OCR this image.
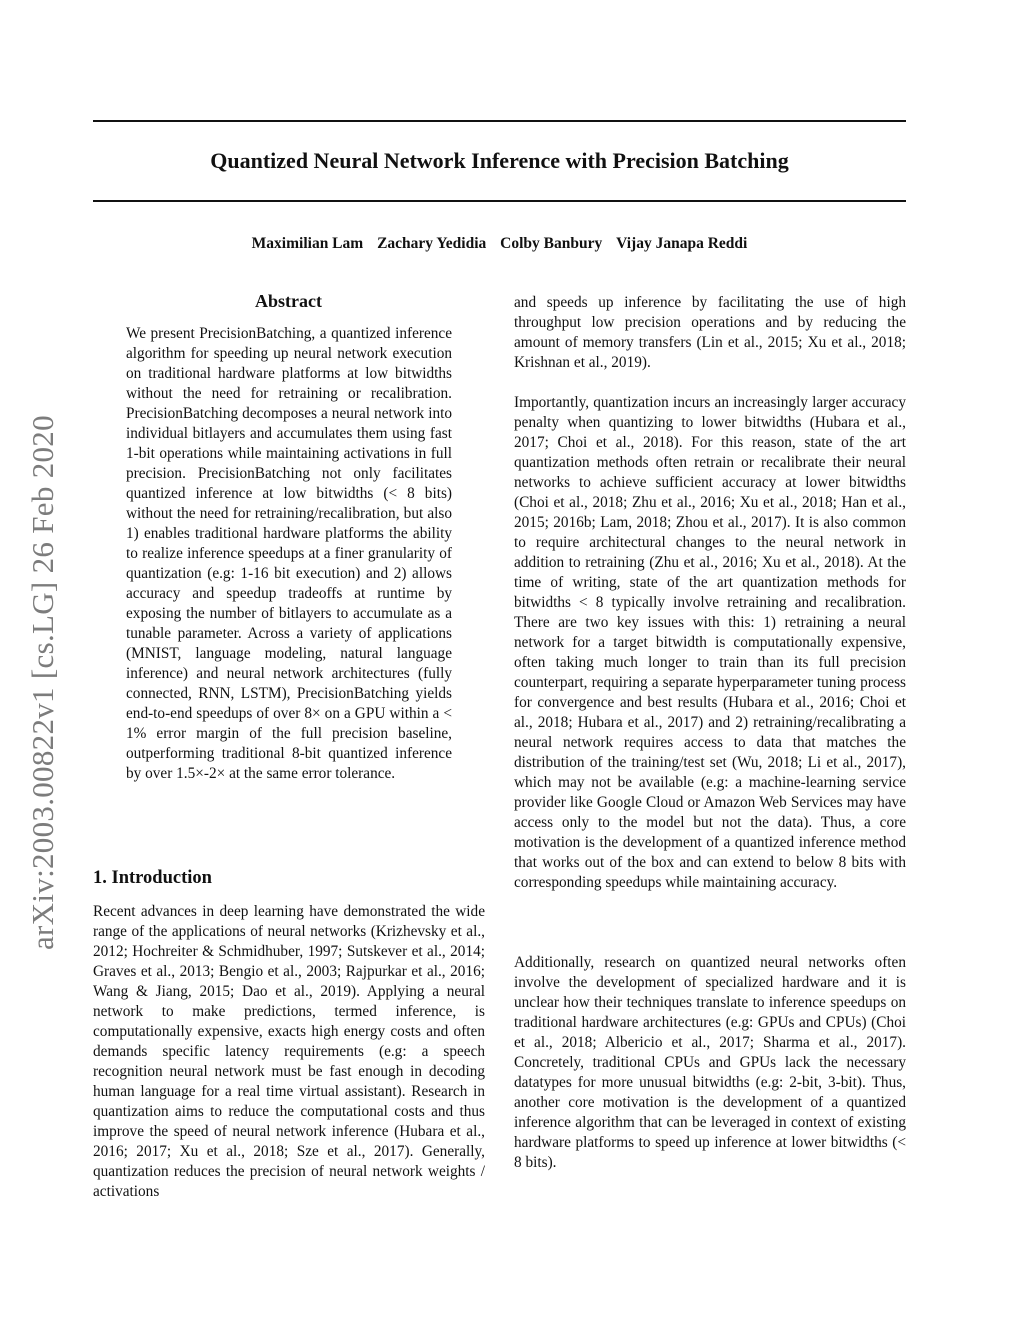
arXiv:2003.00822v1 [cs.LG] 26 Feb 2020
Quantized Neural Network Inference with Precision Batching
Maximilian Lam Zachary Yedidia Colby Banbury Vijay Janapa Reddi
Abstract

We present PrecisionBatching, a quantized inference algorithm for speeding up neural network execution on traditional hardware platforms at low bitwidths without the need for retraining or recalibration. PrecisionBatching decomposes a neural network into individual bitlayers and accumulates them using fast 1-bit operations while maintaining activations in full precision. PrecisionBatching not only facilitates quantized inference at low bitwidths (< 8 bits) without the need for retraining/recalibration, but also 1) enables traditional hardware platforms the ability to realize inference speedups at a finer granularity of quantization (e.g: 1-16 bit execution) and 2) allows accuracy and speedup tradeoffs at runtime by exposing the number of bitlayers to accumulate as a tunable parameter. Across a variety of applications (MNIST, language modeling, natural language inference) and neural network architectures (fully connected, RNN, LSTM), PrecisionBatching yields end-to-end speedups of over 8× on a GPU within a < 1% error margin of the full precision baseline, outperforming traditional 8-bit quantized inference by over 1.5×-2× at the same error tolerance.

1. Introduction

Recent advances in deep learning have demonstrated the wide range of the applications of neural networks (Krizhevsky et al., 2012; Hochreiter & Schmidhuber, 1997; Sutskever et al., 2014; Graves et al., 2013; Bengio et al., 2003; Rajpurkar et al., 2016; Wang & Jiang, 2015; Dao et al., 2019). Applying a neural network to make predictions, termed inference, is computationally expensive, exacts high energy costs and often demands specific latency requirements (e.g: a speech recognition neural network must be fast enough in decoding human language for a real time virtual assistant). Research in quantization aims to reduce the computational costs and thus improve the speed of neural network inference (Hubara et al., 2016; 2017; Xu et al., 2018; Sze et al., 2017). Generally, quantization reduces the precision of neural network weights / activations

and speeds up inference by facilitating the use of high throughput low precision operations and by reducing the amount of memory transfers (Lin et al., 2015; Xu et al., 2018; Krishnan et al., 2019).

Importantly, quantization incurs an increasingly larger accuracy penalty when quantizing to lower bitwidths (Hubara et al., 2017; Choi et al., 2018). For this reason, state of the art quantization methods often retrain or recalibrate their neural networks to achieve sufficient accuracy at lower bitwidths (Choi et al., 2018; Zhu et al., 2016; Xu et al., 2018; Han et al., 2015; 2016b; Lam, 2018; Zhou et al., 2017). It is also common to require architectural changes to the neural network in addition to retraining (Zhu et al., 2016; Xu et al., 2018). At the time of writing, state of the art quantization methods for bitwidths < 8 typically involve retraining and recalibration. There are two key issues with this: 1) retraining a neural network for a target bitwidth is computationally expensive, often taking much longer to train than its full precision counterpart, requiring a separate hyperparameter tuning process for convergence and best results (Hubara et al., 2016; Choi et al., 2018; Hubara et al., 2017) and 2) retraining/recalibrating a neural network requires access to data that matches the distribution of the training/test set (Wu, 2018; Li et al., 2017), which may not be available (e.g: a machine-learning service provider like Google Cloud or Amazon Web Services may have access only to the model but not the data). Thus, a core motivation is the development of a quantized inference method that works out of the box and can extend to below 8 bits with corresponding speedups while maintaining accuracy.

Additionally, research on quantized neural networks often involve the development of specialized hardware and it is unclear how their techniques translate to inference speedups on traditional hardware architectures (e.g: GPUs and CPUs) (Choi et al., 2018; Albericio et al., 2017; Sharma et al., 2017). Concretely, traditional CPUs and GPUs lack the necessary datatypes for more unusual bitwidths (e.g: 2-bit, 3-bit). Thus, another core motivation is the development of a quantized inference algorithm that can be leveraged in context of existing hardware platforms to speed up inference at lower bitwidths (< 8 bits).
